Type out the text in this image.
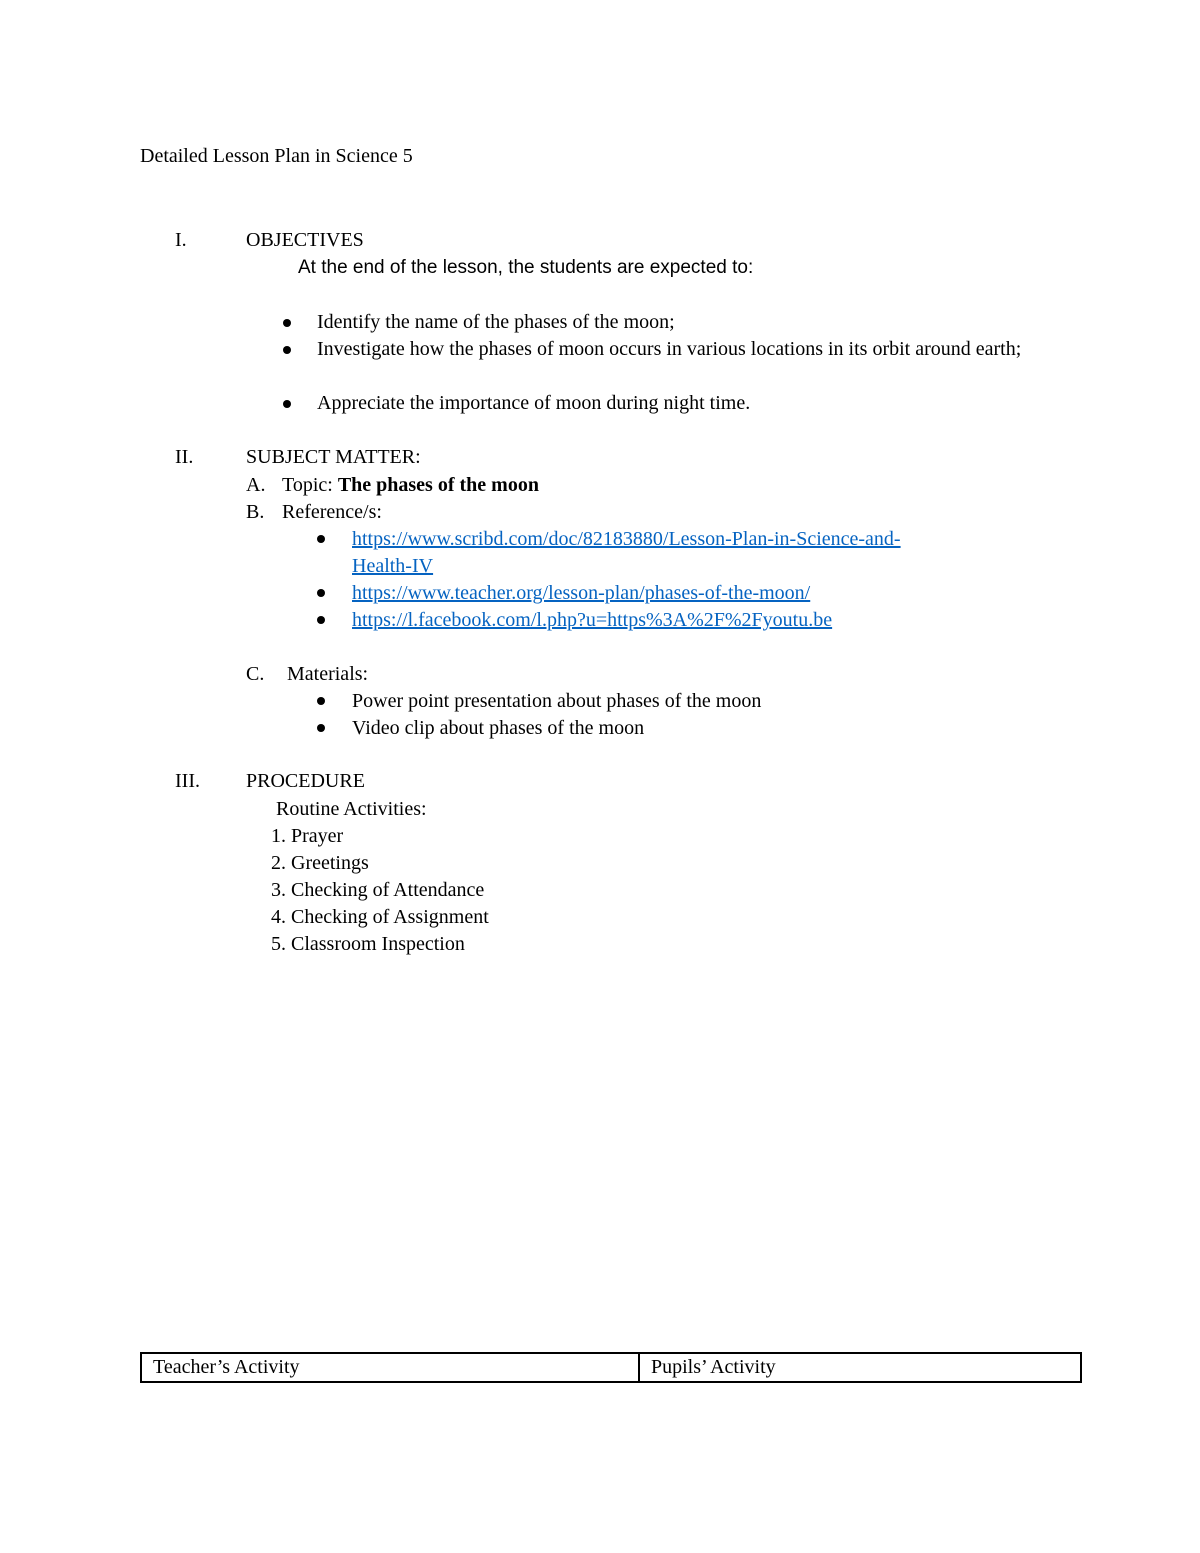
Detailed Lesson Plan in Science 5
I.	OBJECTIVES
At the end of the lesson, the students are expected to:
Identify the name of the phases of the moon;
Investigate how the phases of moon occurs in various locations in its orbit around earth;
Appreciate the importance of moon during night time.
II.	SUBJECT MATTER:
A. Topic: The phases of the moon
B. Reference/s:
https://www.scribd.com/doc/82183880/Lesson-Plan-in-Science-and-
Health-IV
https://www.teacher.org/lesson-plan/phases-of-the-moon/
https://l.facebook.com/l.php?u=https%3A%2F%2Fyoutu.be
C. Materials:
Power point presentation about phases of the moon
Video clip about phases of the moon
III. PROCEDURE
Routine Activities:
1. Prayer
2. Greetings
3. Checking of Attendance
4. Checking of Assignment
5. Classroom Inspection
Teacher’s Activity	Pupils’ Activity
